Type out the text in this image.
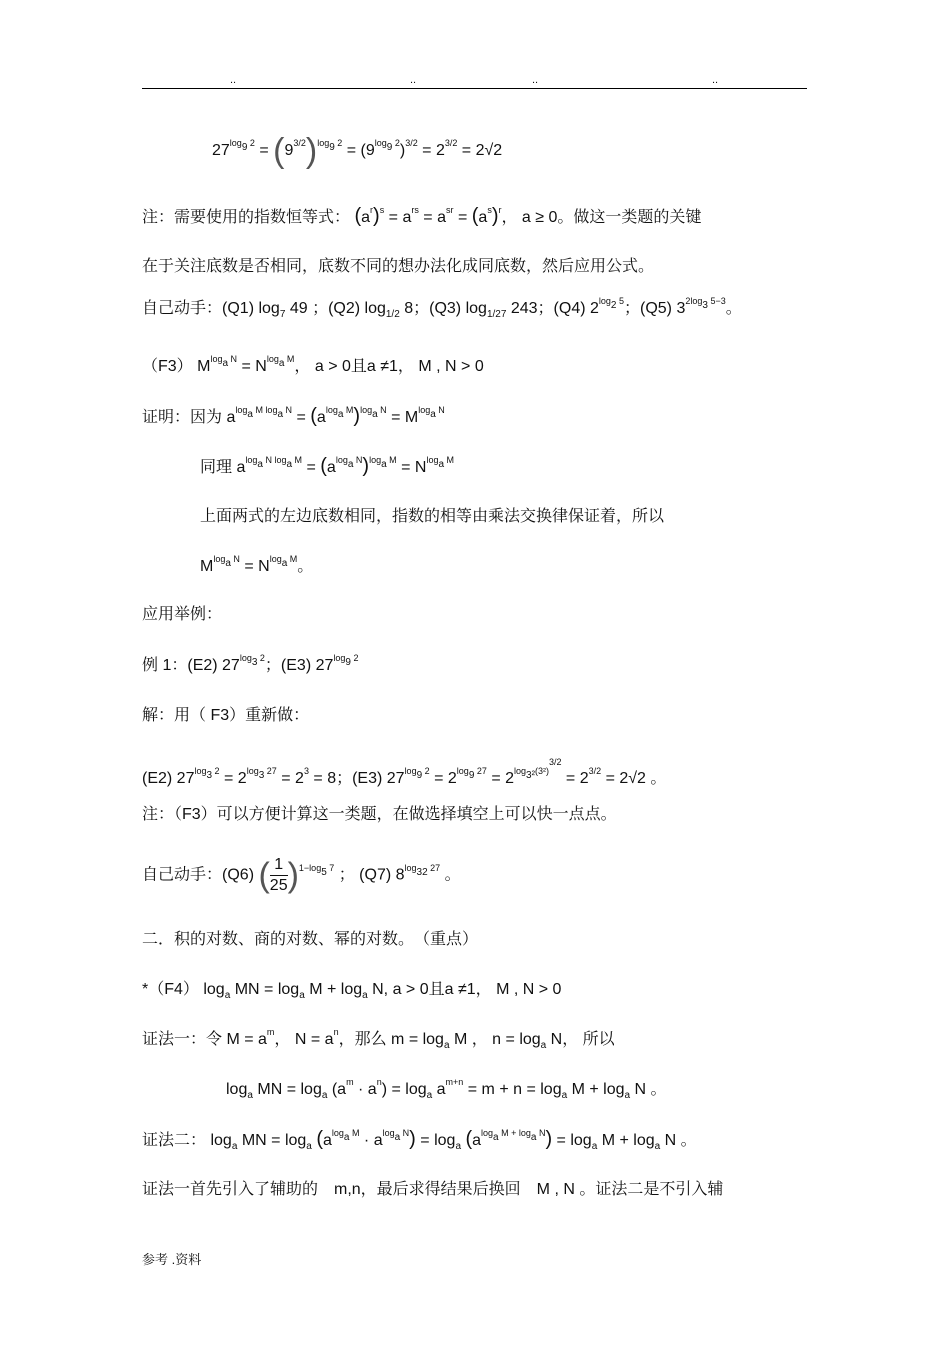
..	..	..	..
$27^{log_9 2} = (9^{3/2})^{log_9 2} = (9^{log_9 2})^{3/2} = 2^{3/2} = 2√2$
注：需要使用的指数恒等式： $(a^r)^s = a^{rs} = a^{sr} = (a^s)^r$， a ≥ 0。做这一类题的关键
在于关注底数是否相同，底数不同的想办法化成同底数，然后应用公式。
自己动手：(Q1) $\log_7 49$ ；(Q2) $\log_{1/2} 8$；(Q3) $\log_{1/27} 243$；(Q4) $2^{log_2 5}$；(Q5) $3^{2log_3 5-3}$。
（F3） $M^{log_a N} = N^{log_a M}$， a > 0且a ≠1， M , N > 0
证明：因为 $a^{log_a M log_a N} = (a^{log_a M})^{log_a N} = M^{log_a N}$
同理 $a^{log_a N log_a M} = (a^{log_a N})^{log_a M} = N^{log_a M}$
上面两式的左边底数相同，指数的相等由乘法交换律保证着，所以
$M^{log_a N} = N^{log_a M}$。
应用举例：
例 1：(E2) $27^{log_3 2}$；(E3) $27^{log_9 2}$
解：用（ F3）重新做：
(E2) $27^{log_3 2} = 2^{log_3 27} = 2^3 = 8$；(E3) $27^{log_9 2} = 2^{log_9 27} = 2^{log_{3^2}(3^2)^{3/2}} = 2^{3/2} = 2√2$ 。
注：（F3）可以方便计算这一类题，在做选择填空上可以快一点点。
自己动手：(Q6) ( $\frac{1}{25} )^{1-log_5 7}$ ； (Q7) $8^{log_{32} 27}$ 。
二．积的对数、商的对数、幂的对数。　（重点）
*（F4） $\log_a$ MN = $\log_a M + \log_a N$, a > 0且a ≠1， M , N > 0
证法一：令 $M = a^m$， $N = a^n$，那么 $m = \log_a M$ ， $n = \log_a N$， 所以
$\log_a$ MN = $\log_a (a^m \cdot a^n) = \log_a a^{m+n} = m + n = \log_a M + \log_a N$ 。
证法二： $\log_a$ MN = $\log_a (a^{log_a M} \cdot a^{log_a N}) = \log_a (a^{log_a M + log_a N}) = \log_a M + \log_a N$ 。
证法一首先引入了辅助的　m,n，最后求得结果后换回　M , N 。证法二是不引入辅
参考 .资料
